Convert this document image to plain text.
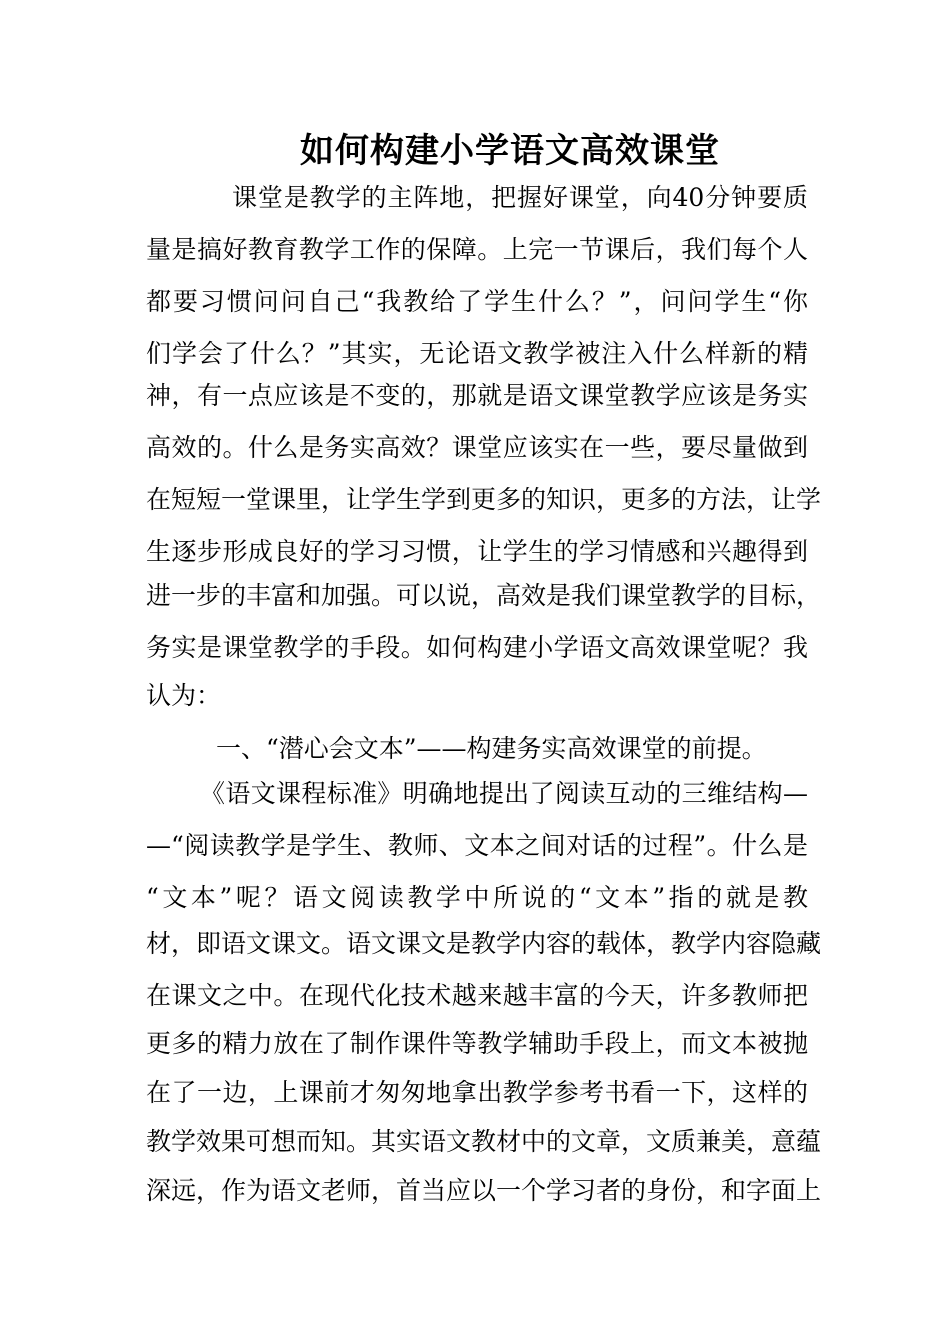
如何构建小学语文高效课堂
课堂是教学的主阵地，把握好课堂，向40分钟要质
量是搞好教育教学工作的保障。上完一节课后，我们每个人
都要习惯问问自己“我教给了学生什么？”，问问学生“你
们学会了什么？”其实，无论语文教学被注入什么样新的精
神，有一点应该是不变的，那就是语文课堂教学应该是务实
高效的。什么是务实高效？课堂应该实在一些，要尽量做到
在短短一堂课里，让学生学到更多的知识，更多的方法，让学
生逐步形成良好的学习习惯，让学生的学习情感和兴趣得到
进一步的丰富和加强。可以说，高效是我们课堂教学的目标，
务实是课堂教学的手段。如何构建小学语文高效课堂呢？我
认为：
一、“潜心会文本”——构建务实高效课堂的前提。
《语文课程标准》明确地提出了阅读互动的三维结构—
—“阅读教学是学生、教师、文本之间对话的过程”。什么是
“文本”呢？语文阅读教学中所说的“文本”指的就是教
材，即语文课文。语文课文是教学内容的载体，教学内容隐藏
在课文之中。在现代化技术越来越丰富的今天，许多教师把
更多的精力放在了制作课件等教学辅助手段上，而文本被抛
在了一边，上课前才匆匆地拿出教学参考书看一下，这样的
教学效果可想而知。其实语文教材中的文章，文质兼美，意蕴
深远，作为语文老师，首当应以一个学习者的身份，和字面上
